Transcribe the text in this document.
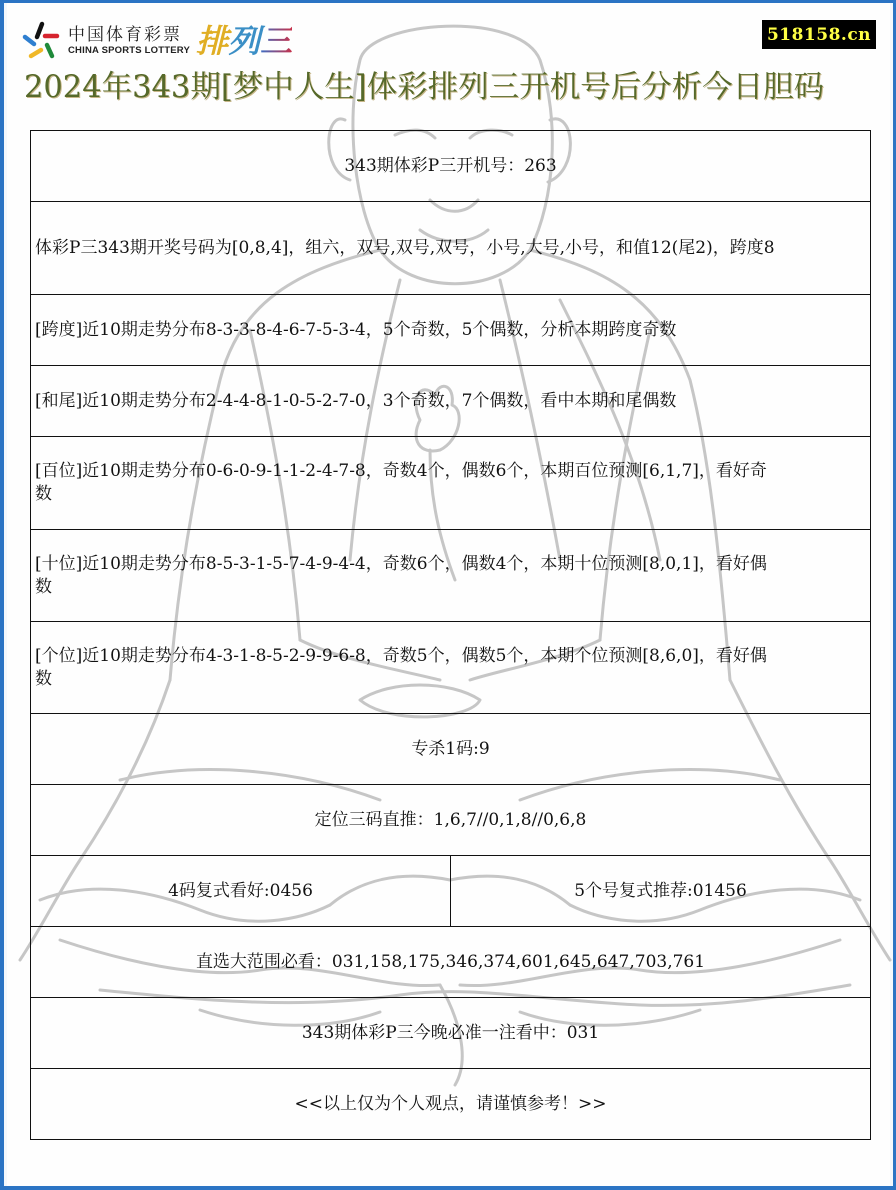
中国体育彩票
CHINA SPORTS LOTTERY 排 列 三	518158.cn
2024年343期[梦中人生]体彩排列三开机号后分析今日胆码
343期体彩P三开机号：263
体彩P三343期开奖号码为[0,8,4]，组六，双号,双号,双号，小号,大号,小号，和值12(尾2)，跨度8
[跨度]近10期走势分布8-3-3-8-4-6-7-5-3-4，5个奇数，5个偶数，分析本期跨度奇数
[和尾]近10期走势分布2-4-4-8-1-0-5-2-7-0，3个奇数，7个偶数，看中本期和尾偶数
[百位]近10期走势分布0-6-0-9-1-1-2-4-7-8，奇数4个，偶数6个，本期百位预测[6,1,7]，看好奇数
[十位]近10期走势分布8-5-3-1-5-7-4-9-4-4，奇数6个，偶数4个，本期十位预测[8,0,1]，看好偶数
[个位]近10期走势分布4-3-1-8-5-2-9-9-6-8，奇数5个，偶数5个，本期个位预测[8,6,0]，看好偶数
专杀1码:9
定位三码直推：1,6,7//0,1,8//0,6,8
4码复式看好:0456	5个号复式推荐:01456
直选大范围必看：031,158,175,346,374,601,645,647,703,761
343期体彩P三今晚必准一注看中：031
<<以上仅为个人观点，请谨慎参考！>>
